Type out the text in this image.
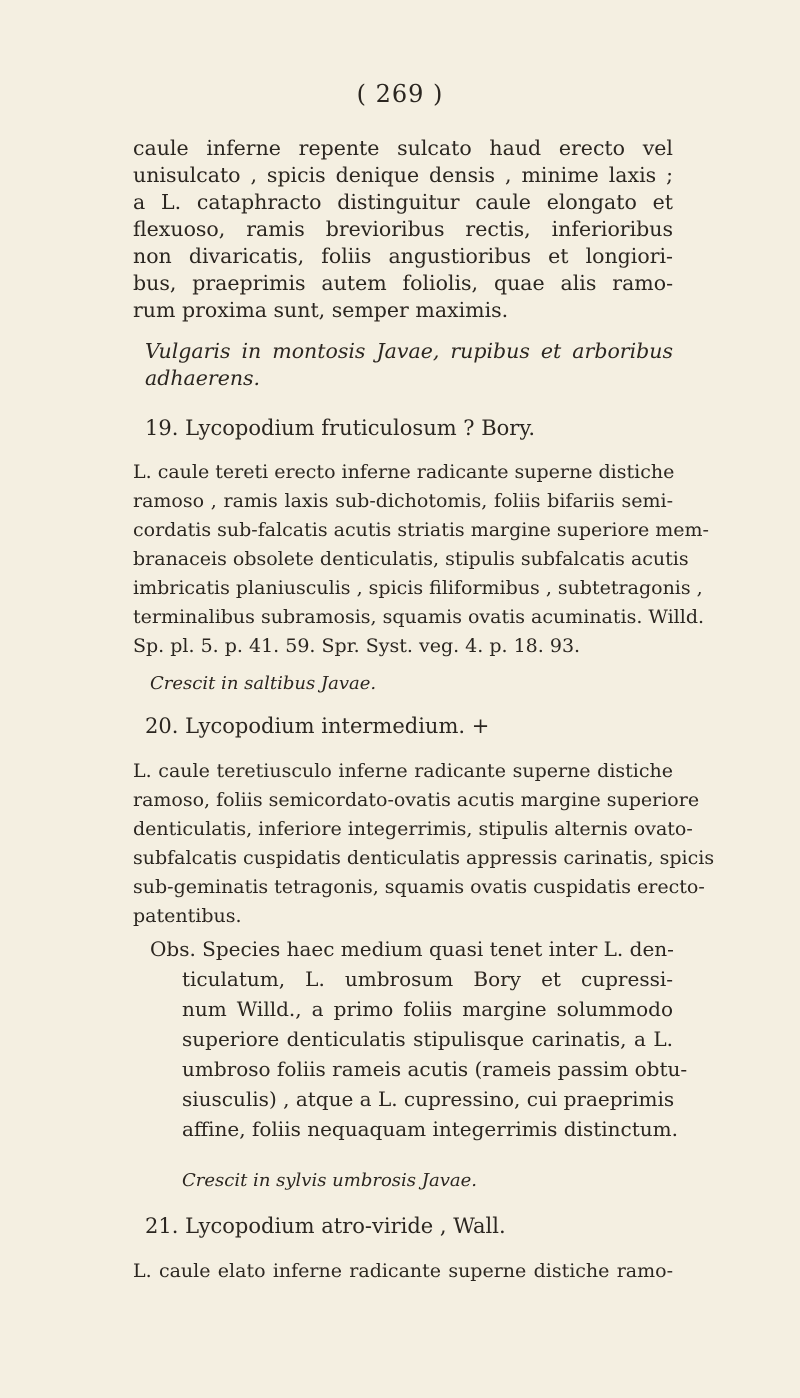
( 269 )
caule inferne repente sulcato haud erecto vel
unisulcato , spicis denique densis , minime laxis ;
a L. cataphracto distinguitur caule elongato et
flexuoso, ramis brevioribus rectis, inferioribus
non divaricatis, foliis angustioribus et longiori-
bus, praeprimis autem foliolis, quae alis ramo-
rum proxima sunt, semper maximis.
Vulgaris in montosis Javae, rupibus et arboribus
adhaerens.
19. Lycopodium fruticulosum ? Bory.
L. caule tereti erecto inferne radicante superne distiche
ramoso , ramis laxis sub-dichotomis, foliis bifariis semi-
cordatis sub-falcatis acutis striatis margine superiore mem-
branaceis obsolete denticulatis, stipulis subfalcatis acutis
imbricatis planiusculis , spicis filiformibus , subtetragonis ,
terminalibus subramosis, squamis ovatis acuminatis. Willd.
Sp. pl. 5. p. 41. 59. Spr. Syst. veg. 4. p. 18. 93.
Crescit in saltibus Javae.
20. Lycopodium intermedium. +
L. caule teretiusculo inferne radicante superne distiche
ramoso, foliis semicordato-ovatis acutis margine superiore
denticulatis, inferiore integerrimis, stipulis alternis ovato-
subfalcatis cuspidatis denticulatis appressis carinatis, spicis
sub-geminatis tetragonis, squamis ovatis cuspidatis erecto-
patentibus.
Obs. Species haec medium quasi tenet inter L. den-
ticulatum, L. umbrosum Bory et cupressi-
num Willd., a primo foliis margine solummodo
superiore denticulatis stipulisque carinatis, a L.
umbroso foliis rameis acutis (rameis passim obtu-
siusculis) , atque a L. cupressino, cui praeprimis
affine, foliis nequaquam integerrimis distinctum.
Crescit in sylvis umbrosis Javae.
21. Lycopodium atro-viride , Wall.
L. caule elato inferne radicante superne distiche ramo-
